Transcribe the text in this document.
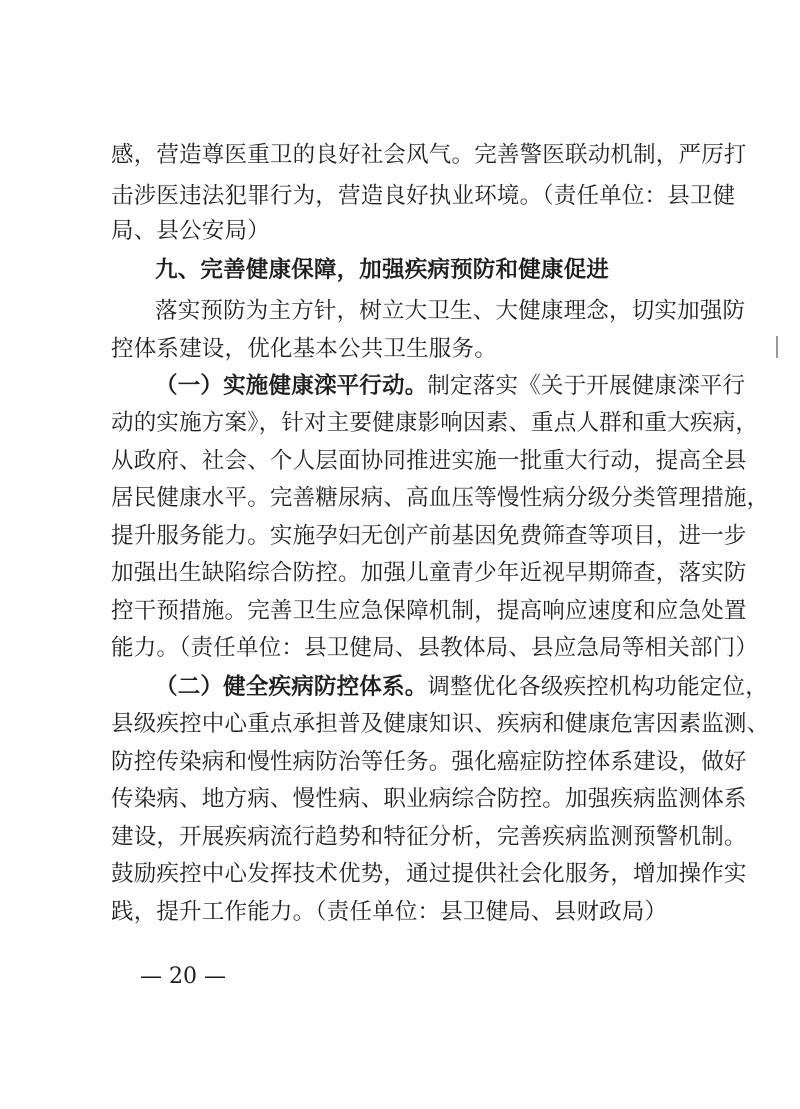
感，营造尊医重卫的良好社会风气。完善警医联动机制，严厉打
击涉医违法犯罪行为，营造良好执业环境。（责任单位：县卫健
局、县公安局）
九、完善健康保障，加强疾病预防和健康促进
落实预防为主方针，树立大卫生、大健康理念，切实加强防
控体系建设，优化基本公共卫生服务。
（一）实施健康滦平行动。制定落实《关于开展健康滦平行
动的实施方案》，针对主要健康影响因素、重点人群和重大疾病，
从政府、社会、个人层面协同推进实施一批重大行动，提高全县
居民健康水平。完善糖尿病、高血压等慢性病分级分类管理措施，
提升服务能力。实施孕妇无创产前基因免费筛查等项目，进一步
加强出生缺陷综合防控。加强儿童青少年近视早期筛查，落实防
控干预措施。完善卫生应急保障机制，提高响应速度和应急处置
能力。（责任单位：县卫健局、县教体局、县应急局等相关部门）
（二）健全疾病防控体系。调整优化各级疾控机构功能定位，
县级疾控中心重点承担普及健康知识、疾病和健康危害因素监测、
防控传染病和慢性病防治等任务。强化癌症防控体系建设，做好
传染病、地方病、慢性病、职业病综合防控。加强疾病监测体系
建设，开展疾病流行趋势和特征分析，完善疾病监测预警机制。
鼓励疾控中心发挥技术优势，通过提供社会化服务，增加操作实
践，提升工作能力。（责任单位：县卫健局、县财政局）
— 20 —
